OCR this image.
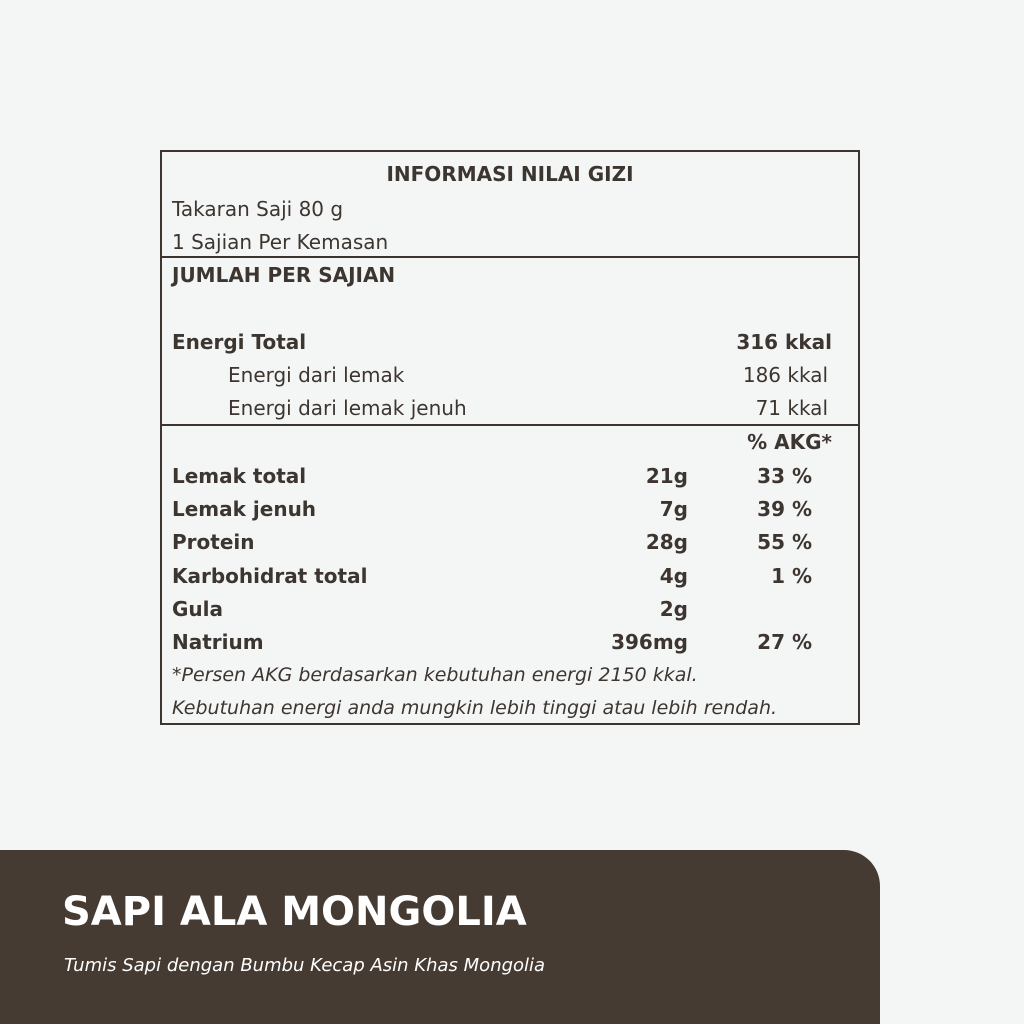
INFORMASI NILAI GIZI
Takaran Saji 80 g
1 Sajian Per Kemasan
JUMLAH PER SAJIAN
Energi Total	316 kkal
Energi dari lemak	186 kkal
Energi dari lemak jenuh	71 kkal
% AKG*
Lemak total	21g	33 %
Lemak jenuh	7g	39 %
Protein	28g	55 %
Karbohidrat total	4g	1 %
Gula	2g
Natrium	396mg	27 %
*Persen AKG berdasarkan kebutuhan energi 2150 kkal.
Kebutuhan energi anda mungkin lebih tinggi atau lebih rendah.
SAPI ALA MONGOLIA
Tumis Sapi dengan Bumbu Kecap Asin Khas Mongolia
